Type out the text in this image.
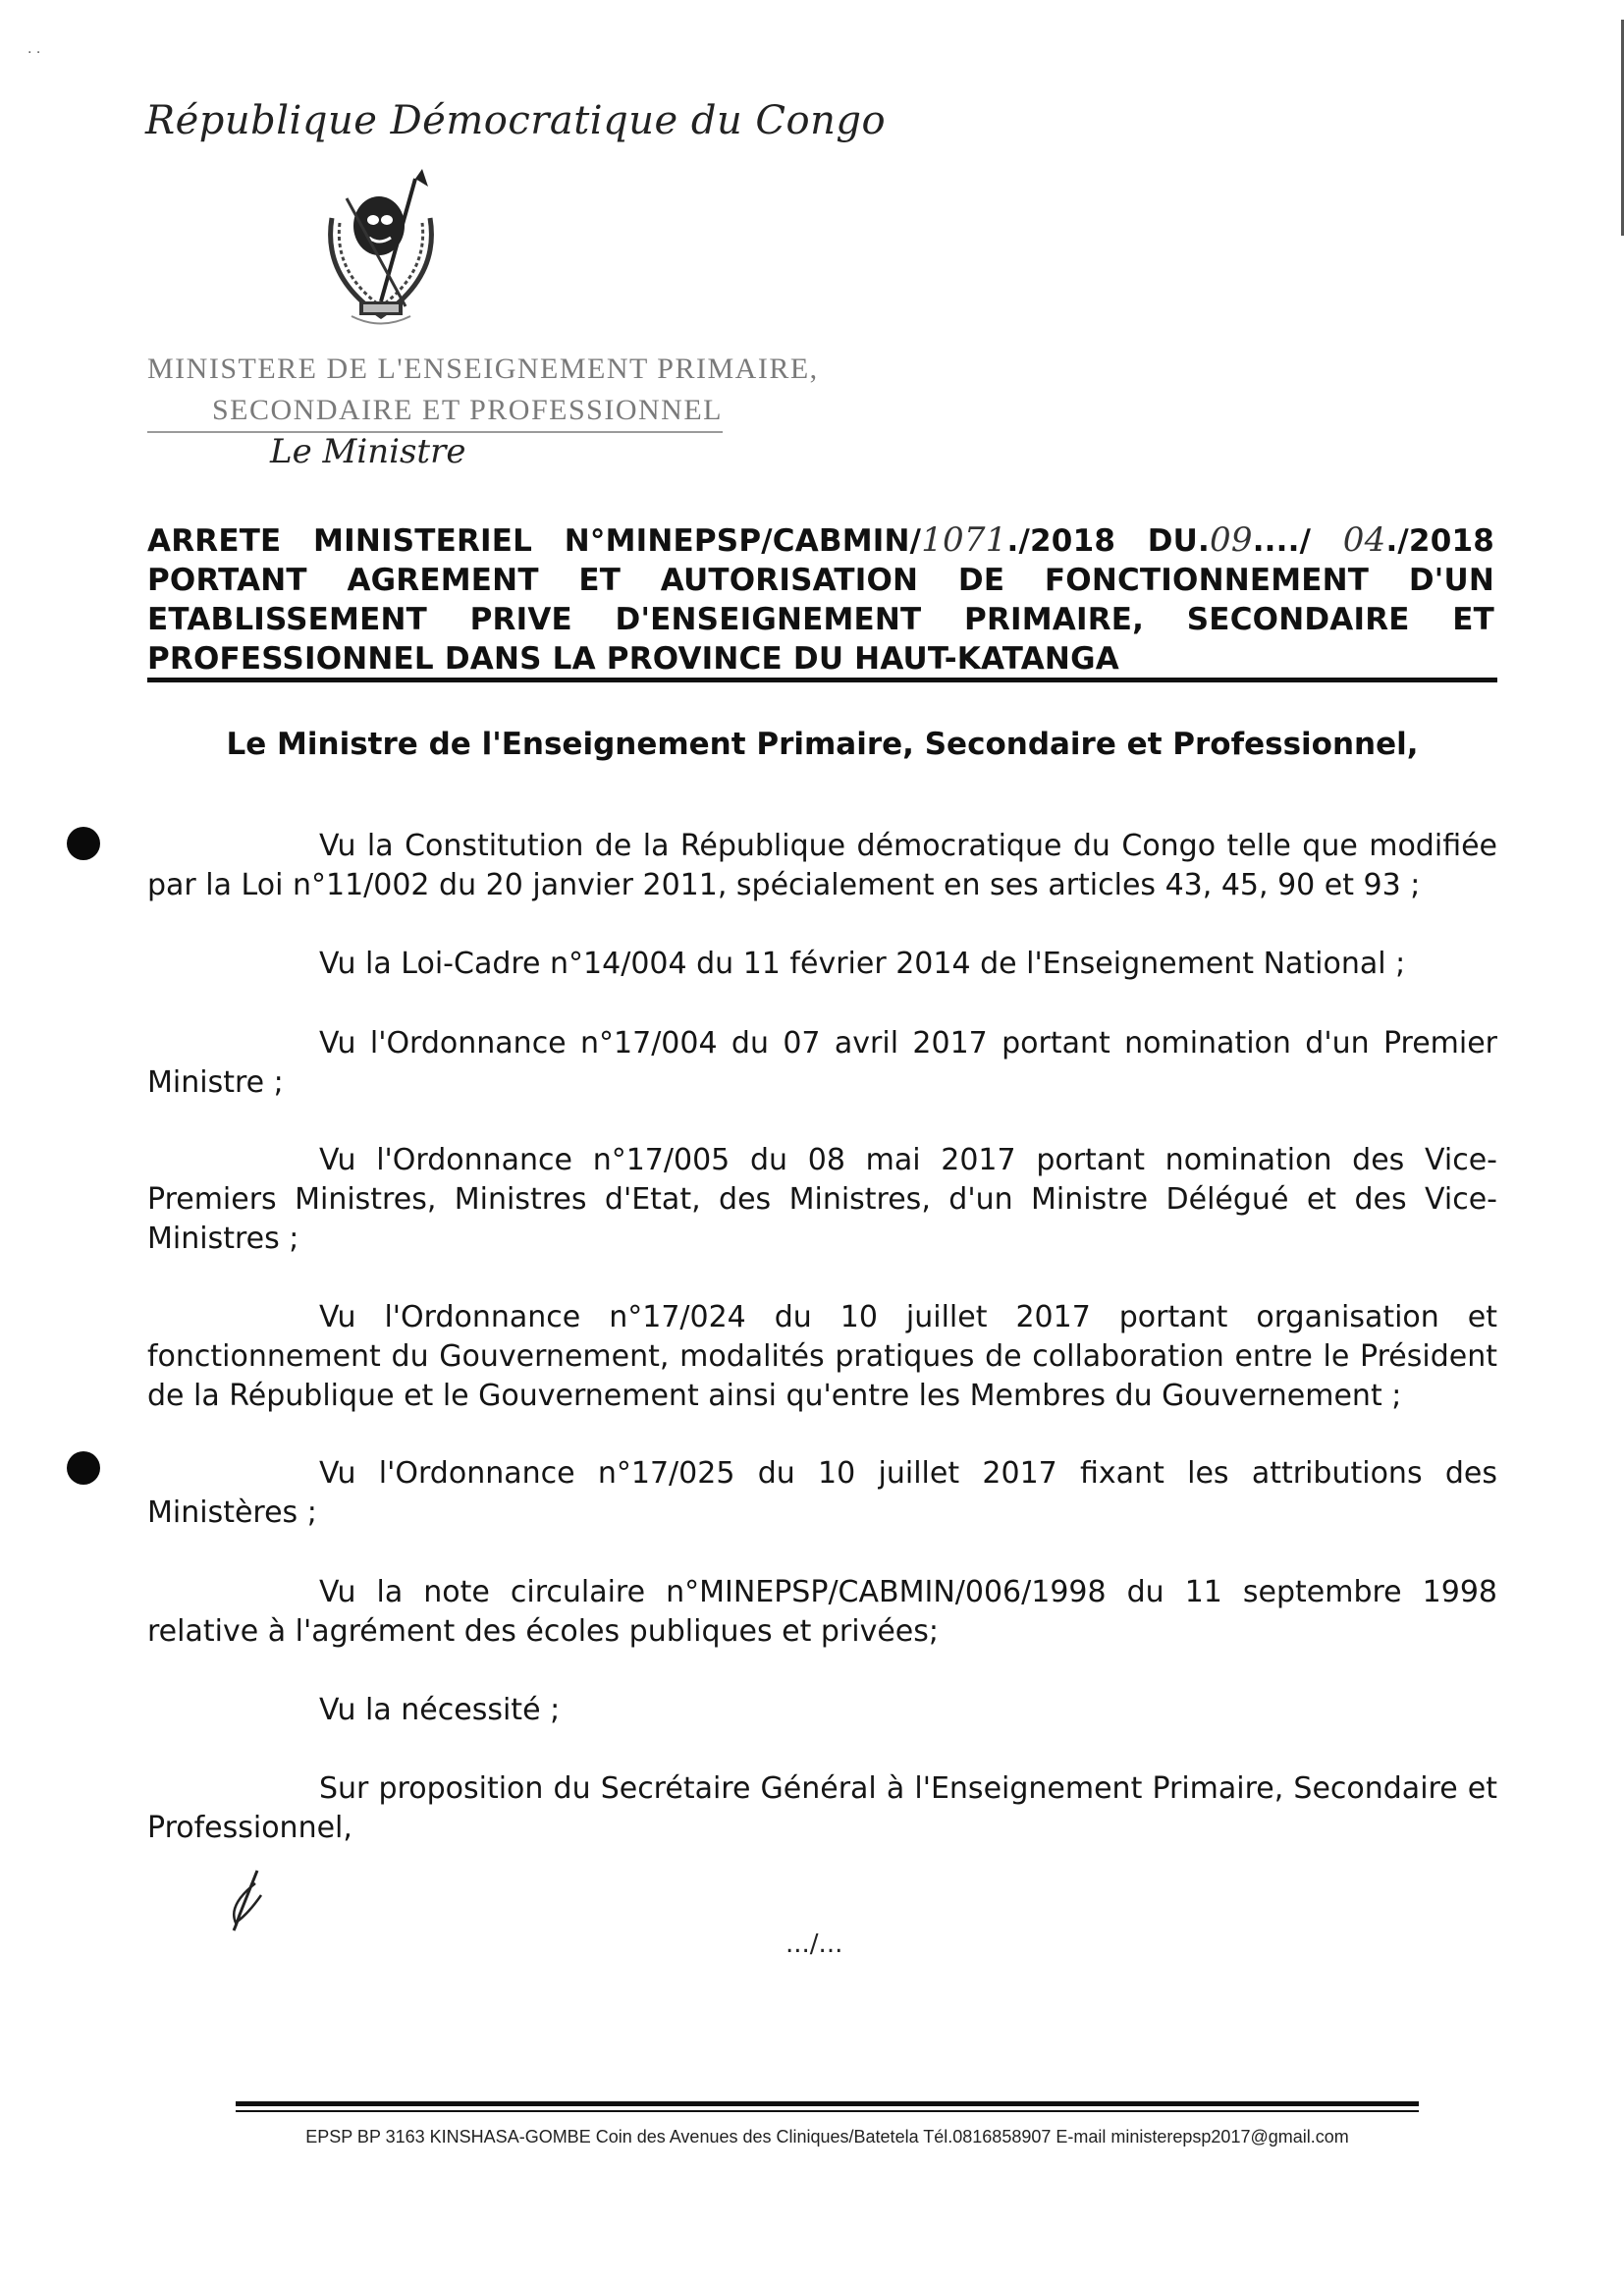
· ·
République Démocratique du Congo
MINISTERE DE L'ENSEIGNEMENT PRIMAIRE,
SECONDAIRE ET PROFESSIONNEL
Le Ministre
ARRETE MINISTERIEL N°MINEPSP/CABMIN/1071./2018 DU.09..../ 04./2018
PORTANT AGREMENT ET AUTORISATION DE FONCTIONNEMENT D'UN
ETABLISSEMENT PRIVE D'ENSEIGNEMENT PRIMAIRE, SECONDAIRE ET
PROFESSIONNEL DANS LA PROVINCE DU HAUT-KATANGA
Le Ministre de l'Enseignement Primaire, Secondaire et Professionnel,
Vu la Constitution de la République démocratique du Congo telle que modifiée par la Loi n°11/002 du 20 janvier 2011, spécialement en ses articles 43, 45, 90 et 93 ;
Vu la Loi-Cadre n°14/004 du 11 février 2014 de l'Enseignement National ;
Vu l'Ordonnance n°17/004 du 07 avril 2017 portant nomination d'un Premier Ministre ;
Vu l'Ordonnance n°17/005 du 08 mai 2017 portant nomination des Vice-Premiers Ministres, Ministres d'Etat, des Ministres, d'un Ministre Délégué et des Vice-Ministres ;
Vu l'Ordonnance n°17/024 du 10 juillet 2017 portant organisation et fonctionnement du Gouvernement, modalités pratiques de collaboration entre le Président de la République et le Gouvernement ainsi qu'entre les Membres du Gouvernement ;
Vu l'Ordonnance n°17/025 du 10 juillet 2017 fixant les attributions des Ministères ;
Vu la note circulaire n°MINEPSP/CABMIN/006/1998 du 11 septembre 1998 relative à l'agrément des écoles publiques et privées;
Vu la nécessité ;
Sur proposition du Secrétaire Général à l'Enseignement Primaire, Secondaire et Professionnel,
.../...
EPSP BP 3163 KINSHASA-GOMBE Coin des Avenues des Cliniques/Batetela Tél.0816858907 E-mail ministerepsp2017@gmail.com
